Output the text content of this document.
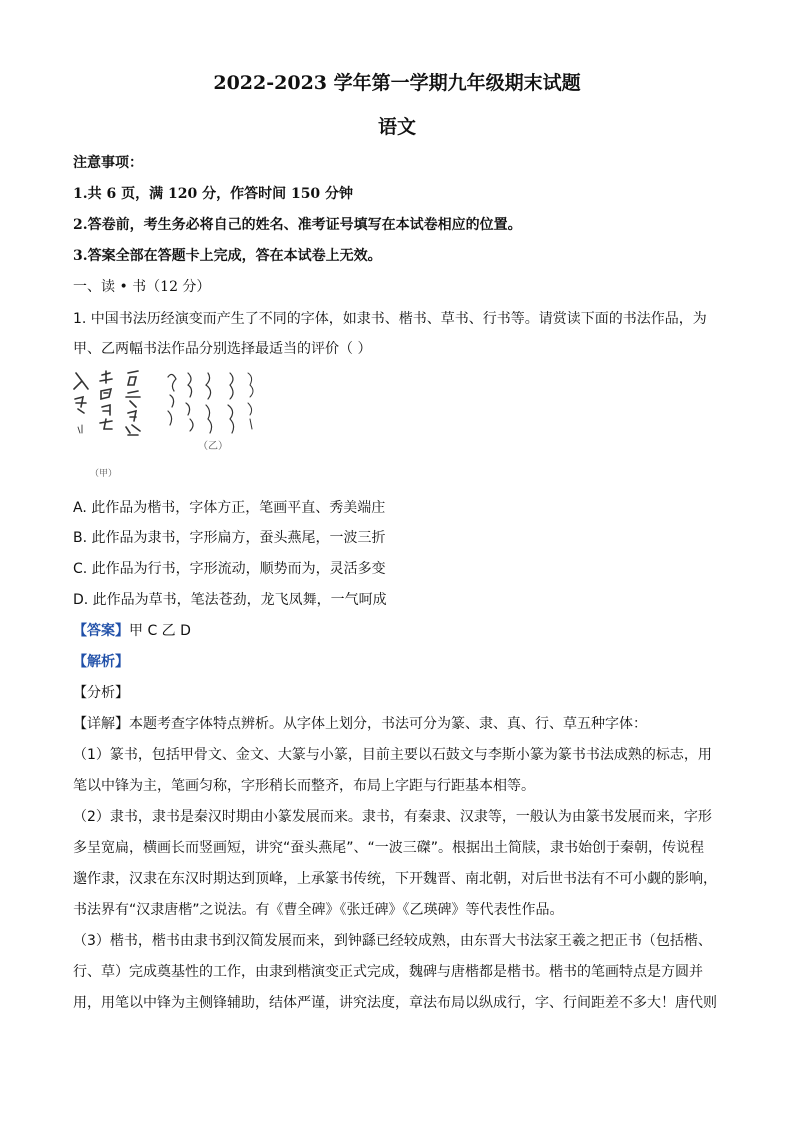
2022-2023 学年第一学期九年级期末试题
语文
注意事项：
1.共 6 页，满 120 分，作答时间 150 分钟
2.答卷前，考生务必将自己的姓名、准考证号填写在本试卷相应的位置。
3.答案全部在答题卡上完成，答在本试卷上无效。
一、读 • 书（12 分）
1. 中国书法历经演变而产生了不同的字体，如隶书、楷书、草书、行书等。请赏读下面的书法作品，为
甲、乙两幅书法作品分别选择最适当的评价（ ）
（乙）
（甲）
A. 此作品为楷书，字体方正，笔画平直、秀美端庄
B. 此作品为隶书，字形扁方，蚕头燕尾，一波三折
C. 此作品为行书，字形流动，顺势而为，灵活多变
D. 此作品为草书，笔法苍劲，龙飞凤舞，一气呵成
【答案】甲 C 乙 D
【解析】
【分析】
【详解】本题考查字体特点辨析。从字体上划分，书法可分为篆、隶、真、行、草五种字体：
（1）篆书，包括甲骨文、金文、大篆与小篆，目前主要以石鼓文与李斯小篆为篆书书法成熟的标志，用
笔以中锋为主，笔画匀称，字形稍长而整齐，布局上字距与行距基本相等。
（2）隶书，隶书是秦汉时期由小篆发展而来。隶书，有秦隶、汉隶等，一般认为由篆书发展而来，字形
多呈宽扁，横画长而竖画短，讲究“蚕头燕尾”、“一波三磔”。根据出土简牍，隶书始创于秦朝，传说程
邈作隶，汉隶在东汉时期达到顶峰，上承篆书传统，下开魏晋、南北朝，对后世书法有不可小觑的影响，
书法界有“汉隶唐楷”之说法。有《曹全碑》《张迁碑》《乙瑛碑》等代表性作品。
（3）楷书，楷书由隶书到汉简发展而来，到钟繇已经较成熟，由东晋大书法家王羲之把正书（包括楷、
行、草）完成奠基性的工作，由隶到楷演变正式完成，魏碑与唐楷都是楷书。楷书的笔画特点是方圆并
用，用笔以中锋为主侧锋辅助，结体严谨，讲究法度，章法布局以纵成行，字、行间距差不多大！唐代则
